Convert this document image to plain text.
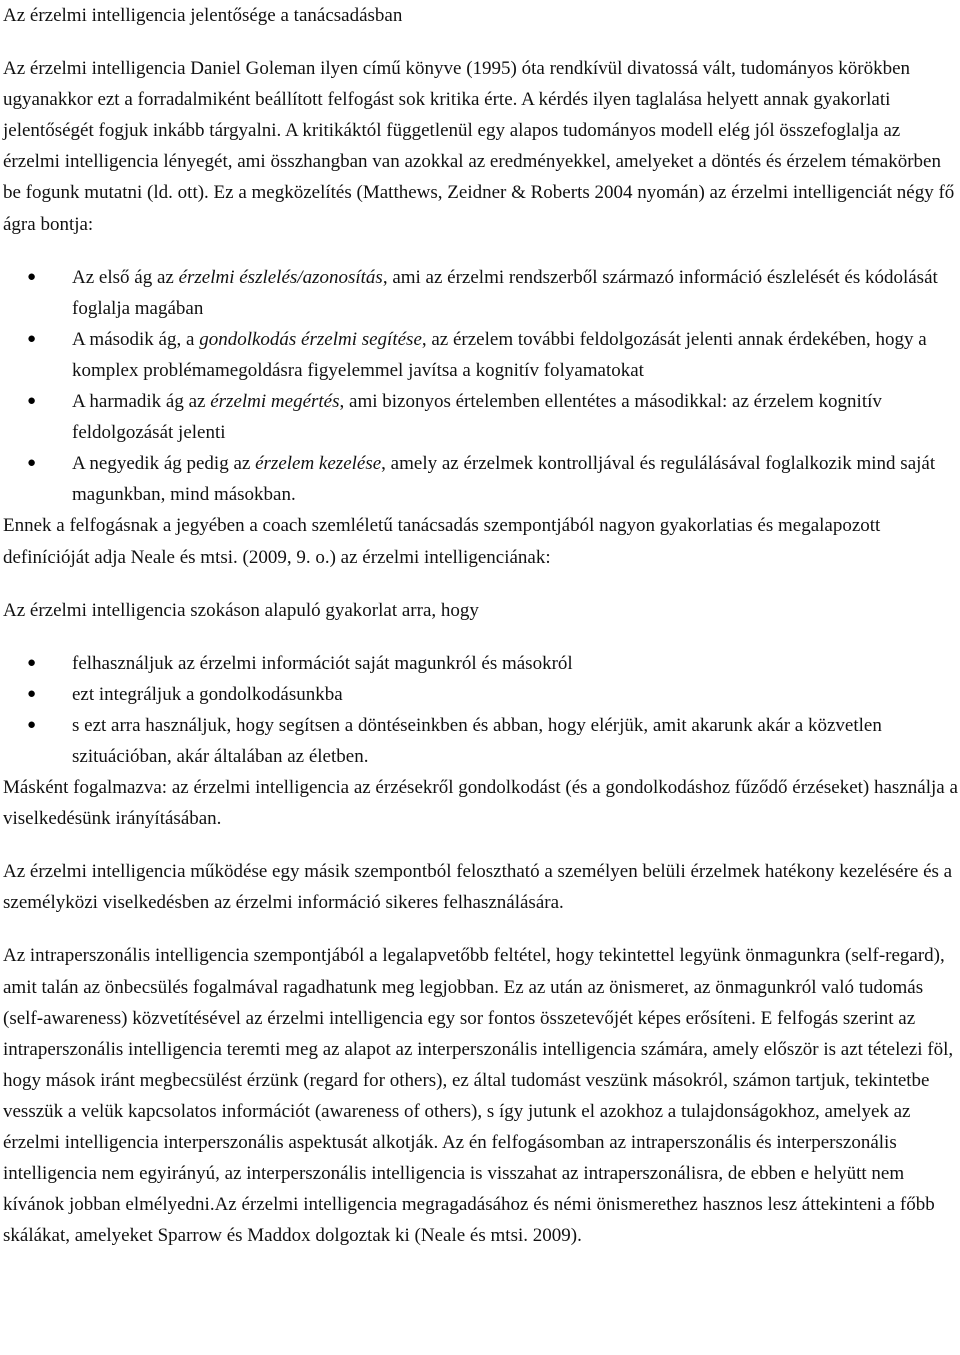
Az érzelmi intelligencia jelentősége a tanácsadásban

Az érzelmi intelligencia Daniel Goleman ilyen című könyve (1995) óta rendkívül divatossá vált, tudományos körökben ugyanakkor ezt a forradalmiként beállított felfogást sok kritika érte. A kérdés ilyen taglalása helyett annak gyakorlati jelentőségét fogjuk inkább tárgyalni. A kritikáktól függetlenül egy alapos tudományos modell elég jól összefoglalja az érzelmi intelligencia lényegét, ami összhangban van azokkal az eredményekkel, amelyeket a döntés és érzelem témakörben be fogunk mutatni (ld. ott). Ez a megközelítés (Matthews, Zeidner & Roberts 2004 nyomán) az érzelmi intelligenciát négy fő ágra bontja:

● Az első ág az érzelmi észlelés/azonosítás, ami az érzelmi rendszerből származó információ észlelését és kódolását foglalja magában
● A második ág, a gondolkodás érzelmi segítése, az érzelem további feldolgozását jelenti annak érdekében, hogy a komplex problémamegoldásra figyelemmel javítsa a kognitív folyamatokat
● A harmadik ág az érzelmi megértés, ami bizonyos értelemben ellentétes a másodikkal: az érzelem kognitív feldolgozását jelenti
● A negyedik ág pedig az érzelem kezelése, amely az érzelmek kontrolljával és regulálásával foglalkozik mind saját magunkban, mind másokban.

Ennek a felfogásnak a jegyében a coach szemléletű tanácsadás szempontjából nagyon gyakorlatias és megalapozott definícióját adja Neale és mtsi. (2009, 9. o.) az érzelmi intelligenciának:

Az érzelmi intelligencia szokáson alapuló gyakorlat arra, hogy

● felhasználjuk az érzelmi információt saját magunkról és másokról
● ezt integráljuk a gondolkodásunkba
● s ezt arra használjuk, hogy segítsen a döntéseinkben és abban, hogy elérjük, amit akarunk akár a közvetlen szituációban, akár általában az életben.

Másként fogalmazva: az érzelmi intelligencia az érzésekről gondolkodást (és a gondolkodáshoz fűződő érzéseket) használja a viselkedésünk irányításában.

Az érzelmi intelligencia működése egy másik szempontból felosztható a személyen belüli érzelmek hatékony kezelésére és a személyközi viselkedésben az érzelmi információ sikeres felhasználására.

Az intraperszonális intelligencia szempontjából a legalapvetőbb feltétel, hogy tekintettel legyünk önmagunkra (self-regard), amit talán az önbecsülés fogalmával ragadhatunk meg legjobban. Ez az után az önismeret, az önmagunkról való tudomás (self-awareness) közvetítésével az érzelmi intelligencia egy sor fontos összetevőjét képes erősíteni. E felfogás szerint az intraperszonális intelligencia teremti meg az alapot az interperszonális intelligencia számára, amely először is azt tételezi föl, hogy mások iránt megbecsülést érzünk (regard for others), ez által tudomást veszünk másokról, számon tartjuk, tekintetbe vesszük a velük kapcsolatos információt (awareness of others), s így jutunk el azokhoz a tulajdonságokhoz, amelyek az érzelmi intelligencia interperszonális aspektusát alkotják. Az én felfogásomban az intraperszonális és interperszonális intelligencia nem egyirányú, az interperszonális intelligencia is visszahat az intraperszonálisra, de ebben e helyütt nem kívánok jobban elmélyedni.Az érzelmi intelligencia megragadásához és némi önismerethez hasznos lesz áttekinteni a főbb skálákat, amelyeket Sparrow és Maddox dolgoztak ki (Neale és mtsi. 2009).
